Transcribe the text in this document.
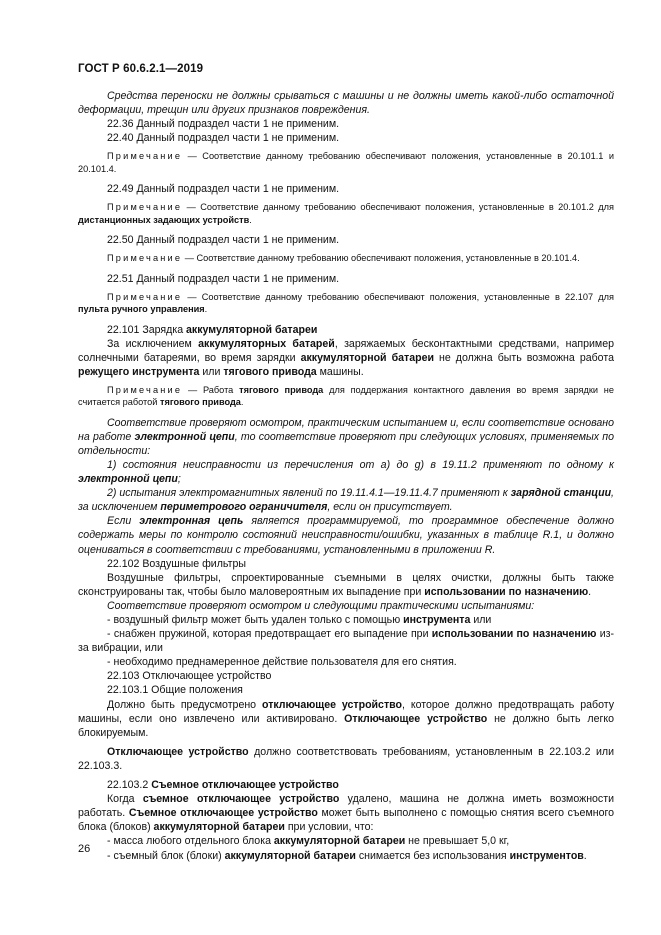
ГОСТ Р 60.6.2.1—2019

Средства переноски не должны срываться с машины и не должны иметь какой-либо остаточной деформации, трещин или других признаков повреждения.

22.36 Данный подраздел части 1 не применим.

22.40 Данный подраздел части 1 не применим.

Примечание — Соответствие данному требованию обеспечивают положения, установленные в 20.101.1 и 20.101.4.

22.49 Данный подраздел части 1 не применим.

Примечание — Соответствие данному требованию обеспечивают положения, установленные в 20.101.2 для дистанционных задающих устройств.

22.50 Данный подраздел части 1 не применим.

Примечание — Соответствие данному требованию обеспечивают положения, установленные в 20.101.4.

22.51 Данный подраздел части 1 не применим.

Примечание — Соответствие данному требованию обеспечивают положения, установленные в 22.107 для пульта ручного управления.

22.101 Зарядка аккумуляторной батареи

За исключением аккумуляторных батарей, заряжаемых бесконтактными средствами, например солнечными батареями, во время зарядки аккумуляторной батареи не должна быть возможна работа режущего инструмента или тягового привода машины.

Примечание — Работа тягового привода для поддержания контактного давления во время зарядки не считается работой тягового привода.

Соответствие проверяют осмотром, практическим испытанием и, если соответствие основано на работе электронной цепи, то соответствие проверяют при следующих условиях, применяемых по отдельности:

1) состояния неисправности из перечисления от a) до g) в 19.11.2 применяют по одному к электронной цепи;

2) испытания электромагнитных явлений по 19.11.4.1—19.11.4.7 применяют к зарядной станции, за исключением периметрового ограничителя, если он присутствует.

Если электронная цепь является программируемой, то программное обеспечение должно содержать меры по контролю состояний неисправности/ошибки, указанных в таблице R.1, и должно оцениваться в соответствии с требованиями, установленными в приложении R.

22.102 Воздушные фильтры

Воздушные фильтры, спроектированные съемными в целях очистки, должны быть также сконструированы так, чтобы было маловероятным их выпадение при использовании по назначению.

Соответствие проверяют осмотром и следующими практическими испытаниями:

- воздушный фильтр может быть удален только с помощью инструмента или

- снабжен пружиной, которая предотвращает его выпадение при использовании по назначению из-за вибрации, или

- необходимо преднамеренное действие пользователя для его снятия.

22.103 Отключающее устройство

22.103.1 Общие положения

Должно быть предусмотрено отключающее устройство, которое должно предотвращать работу машины, если оно извлечено или активировано. Отключающее устройство не должно быть легко блокируемым.

Отключающее устройство должно соответствовать требованиям, установленным в 22.103.2 или 22.103.3.

22.103.2 Съемное отключающее устройство

Когда съемное отключающее устройство удалено, машина не должна иметь возможности работать. Съемное отключающее устройство может быть выполнено с помощью снятия всего съемного блока (блоков) аккумуляторной батареи при условии, что:

- масса любого отдельного блока аккумуляторной батареи не превышает 5,0 кг,

- съемный блок (блоки) аккумуляторной батареи снимается без использования инструментов.

26
